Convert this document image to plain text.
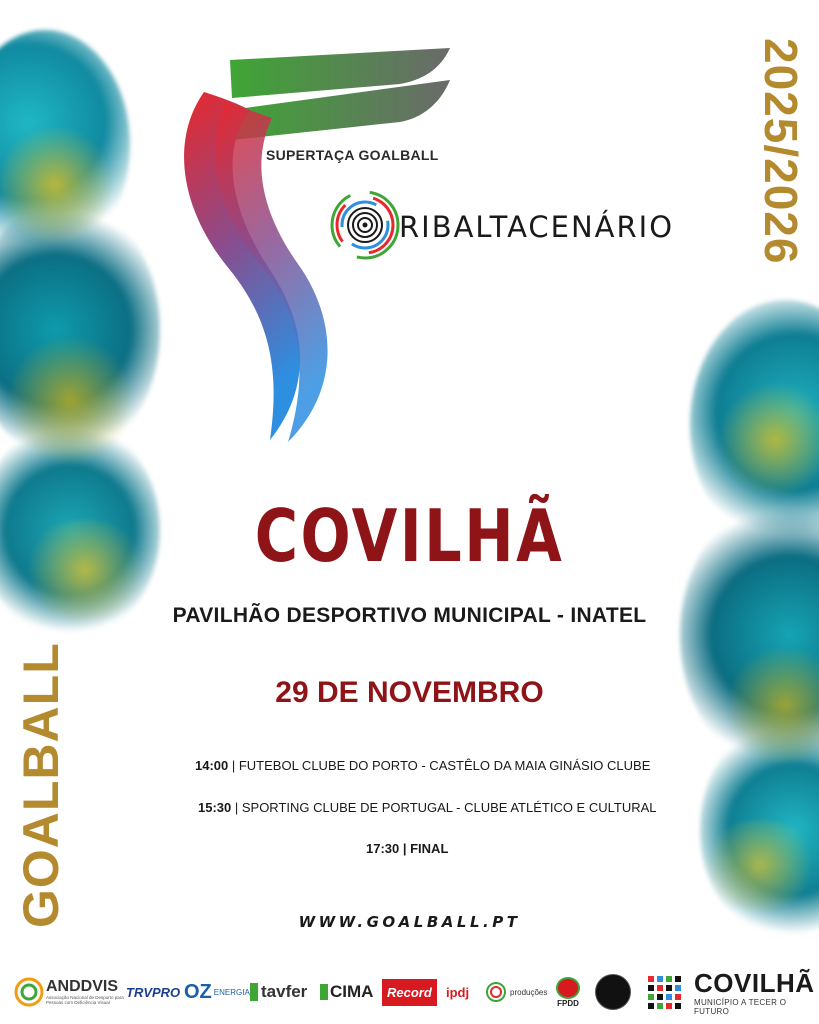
SUPERTAÇA GOALBALL
RIBALTACENÁRIO 2025/2026
GOALBALL
COVILHÃ
PAVILHÃO DESPORTIVO MUNICIPAL - INATEL
29 DE NOVEMBRO
14:00 | FUTEBOL CLUBE DO PORTO - CASTÊLO DA MAIA GINÁSIO CLUBE
15:30 | SPORTING CLUBE DE PORTUGAL - CLUBE ATLÉTICO E CULTURAL
17:30 | FINAL
WWW.GOALBALL.PT
ANDDVIS
Associação Nacional de Desporto para Pessoas com Deficiência Visual
TRVPRO OZ ENERGIA tavfer CIMA	Record	ipdj	produções
FPDD
COVILHÃ
MUNICÍPIO A TECER O FUTURO
